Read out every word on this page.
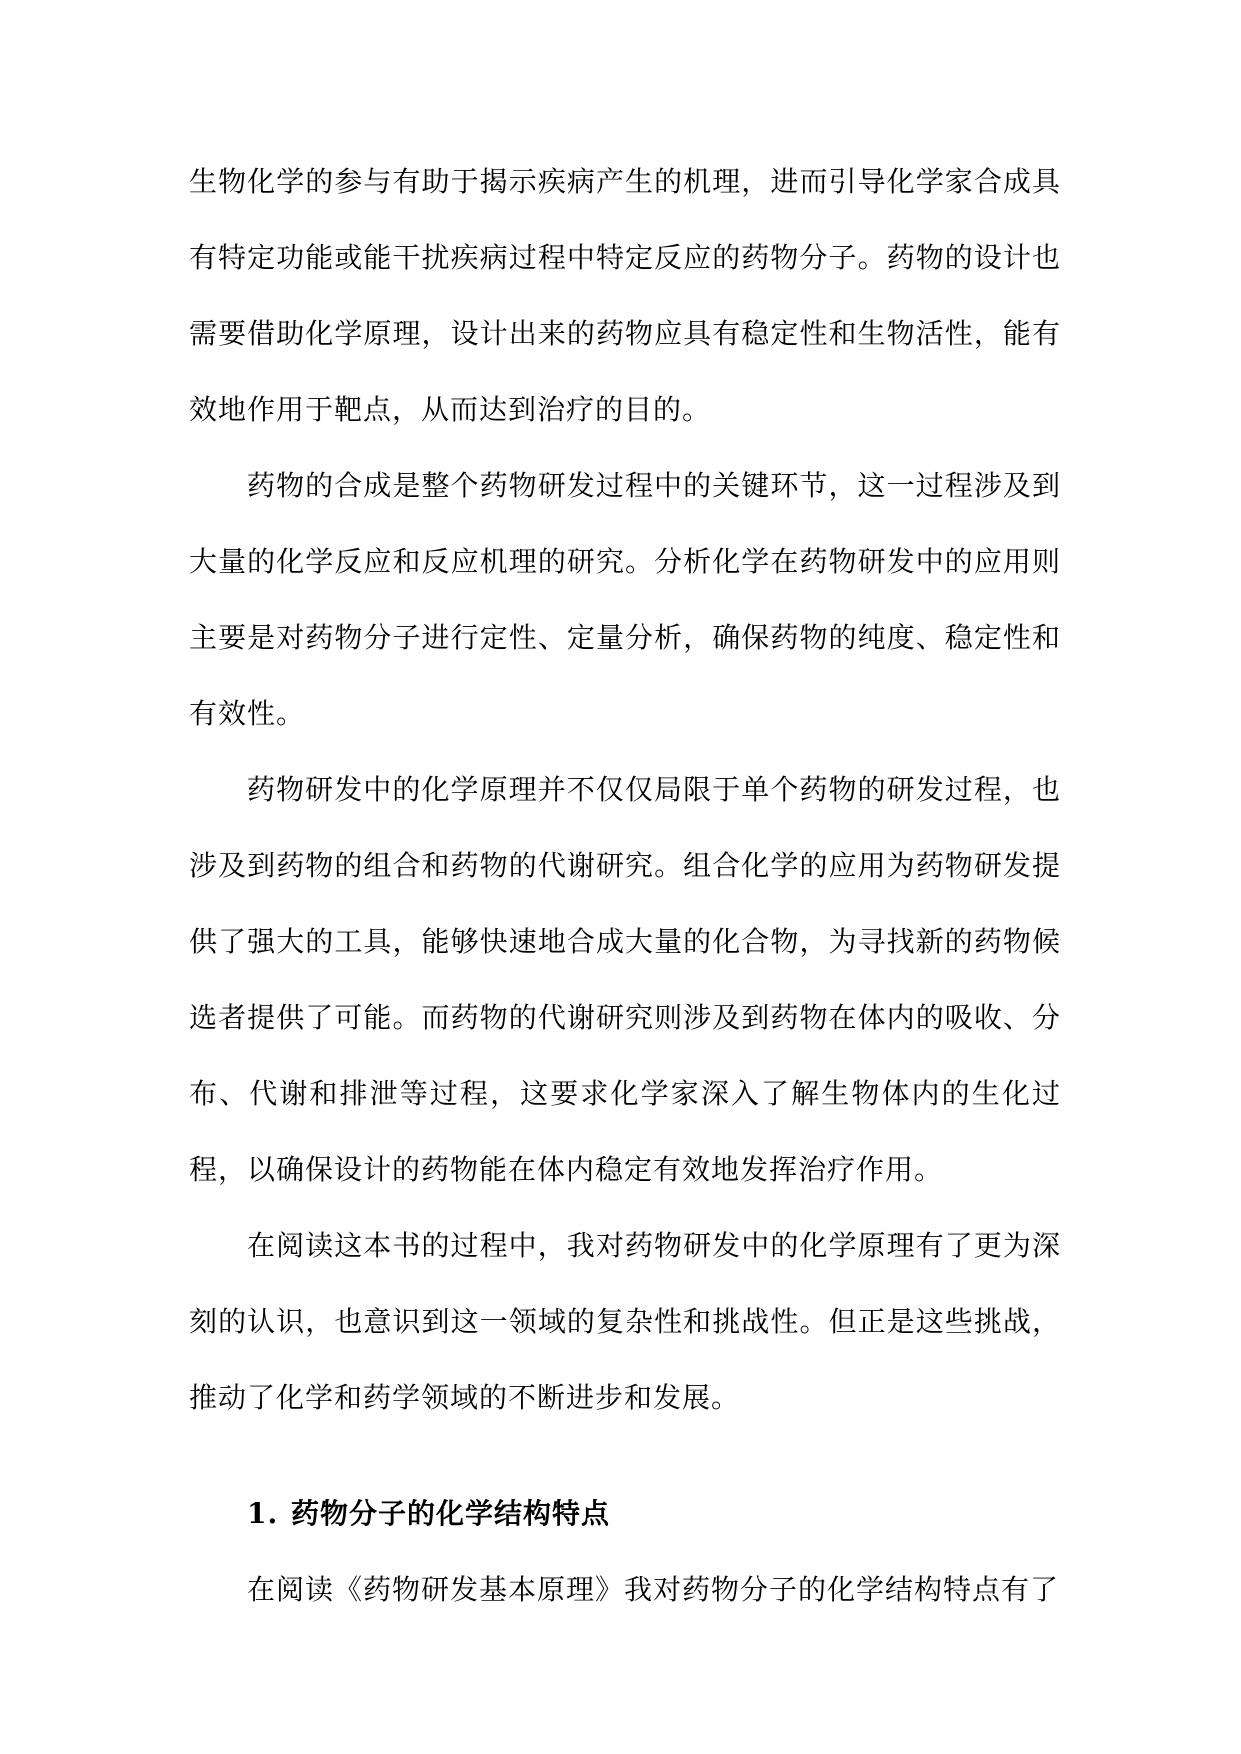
生物化学的参与有助于揭示疾病产生的机理，进而引导化学家合成具有特定功能或能干扰疾病过程中特定反应的药物分子。药物的设计也需要借助化学原理，设计出来的药物应具有稳定性和生物活性，能有效地作用于靶点，从而达到治疗的目的。

药物的合成是整个药物研发过程中的关键环节，这一过程涉及到大量的化学反应和反应机理的研究。分析化学在药物研发中的应用则主要是对药物分子进行定性、定量分析，确保药物的纯度、稳定性和有效性。

药物研发中的化学原理并不仅仅局限于单个药物的研发过程，也涉及到药物的组合和药物的代谢研究。组合化学的应用为药物研发提供了强大的工具，能够快速地合成大量的化合物，为寻找新的药物候选者提供了可能。而药物的代谢研究则涉及到药物在体内的吸收、分布、代谢和排泄等过程，这要求化学家深入了解生物体内的生化过程，以确保设计的药物能在体内稳定有效地发挥治疗作用。

在阅读这本书的过程中，我对药物研发中的化学原理有了更为深刻的认识，也意识到这一领域的复杂性和挑战性。但正是这些挑战，推动了化学和药学领域的不断进步和发展。

1. 药物分子的化学结构特点

在阅读《药物研发基本原理》我对药物分子的化学结构特点有了
